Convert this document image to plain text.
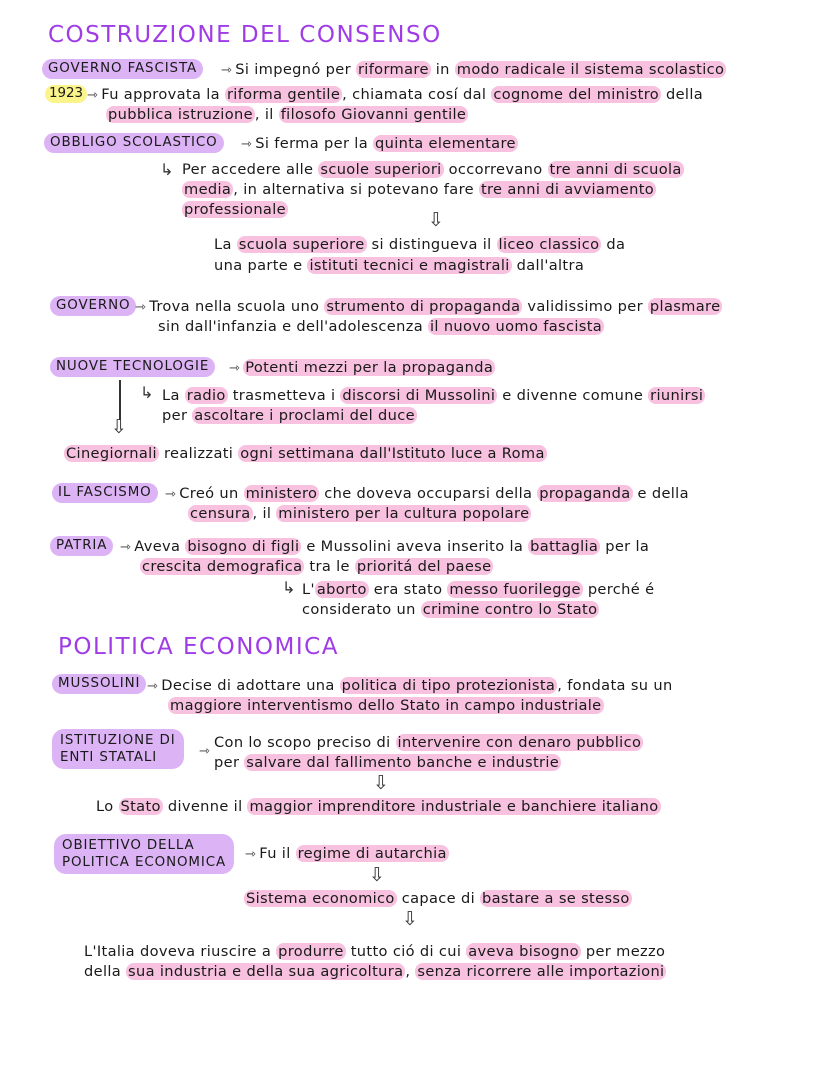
COSTRUZIONE DEL CONSENSO
GOVERNO FASCISTA	⇾ Si impegnó per riformare in modo radicale il sistema scolastico
1923 ⇾ Fu approvata la riforma gentile , chiamata cosí dal cognome del ministro della
pubblica istruzione , il filosofo Giovanni gentile
OBBLIGO SCOLASTICO	⇾ Si ferma per la quinta elementare
↳ Per accedere alle scuole superiori occorrevano tre anni di scuola
media , in alternativa si potevano fare tre anni di avviamento
professionale	⇩
La scuola superiore si distingueva il liceo classico da
una parte e istituti tecnici e magistrali dall'altra
GOVERNO ⇾ Trova nella scuola uno strumento di propaganda validissimo per plasmare
sin dall'infanzia e dell'adolescenza il nuovo uomo fascista
NUOVE TECNOLOGIE	⇾ Potenti mezzi per la propaganda
↳ La radio trasmetteva i discorsi di Mussolini e divenne comune riunirsi
per ascoltare i proclami del duce
⇩
Cinegiornali realizzati ogni settimana dall'Istituto luce a Roma
IL FASCISMO	⇾ Creó un ministero che doveva occuparsi della propaganda e della
censura , il ministero per la cultura popolare
PATRIA ⇾ Aveva bisogno di figli e Mussolini aveva inserito la battaglia per la
crescita demografica tra le prioritá del paese
↳ L' aborto era stato messo fuorilegge perché é
considerato un crimine contro lo Stato
POLITICA ECONOMICA
MUSSOLINI ⇾ Decise di adottare una politica di tipo protezionista , fondata su un
maggiore interventismo dello Stato in campo industriale
ISTITUZIONE DI
ENTI STATALI	⇾
Con lo scopo preciso di intervenire con denaro pubblico
per salvare dal fallimento banche e industrie
⇩
Lo Stato divenne il maggior imprenditore industriale e banchiere italiano
OBIETTIVO DELLA
POLITICA ECONOMICA
⇾ Fu il regime di autarchia
⇩
Sistema economico capace di bastare a se stesso
⇩
L'Italia doveva riuscire a produrre tutto ció di cui aveva bisogno per mezzo
della sua industria e della sua agricoltura , senza ricorrere alle importazioni
